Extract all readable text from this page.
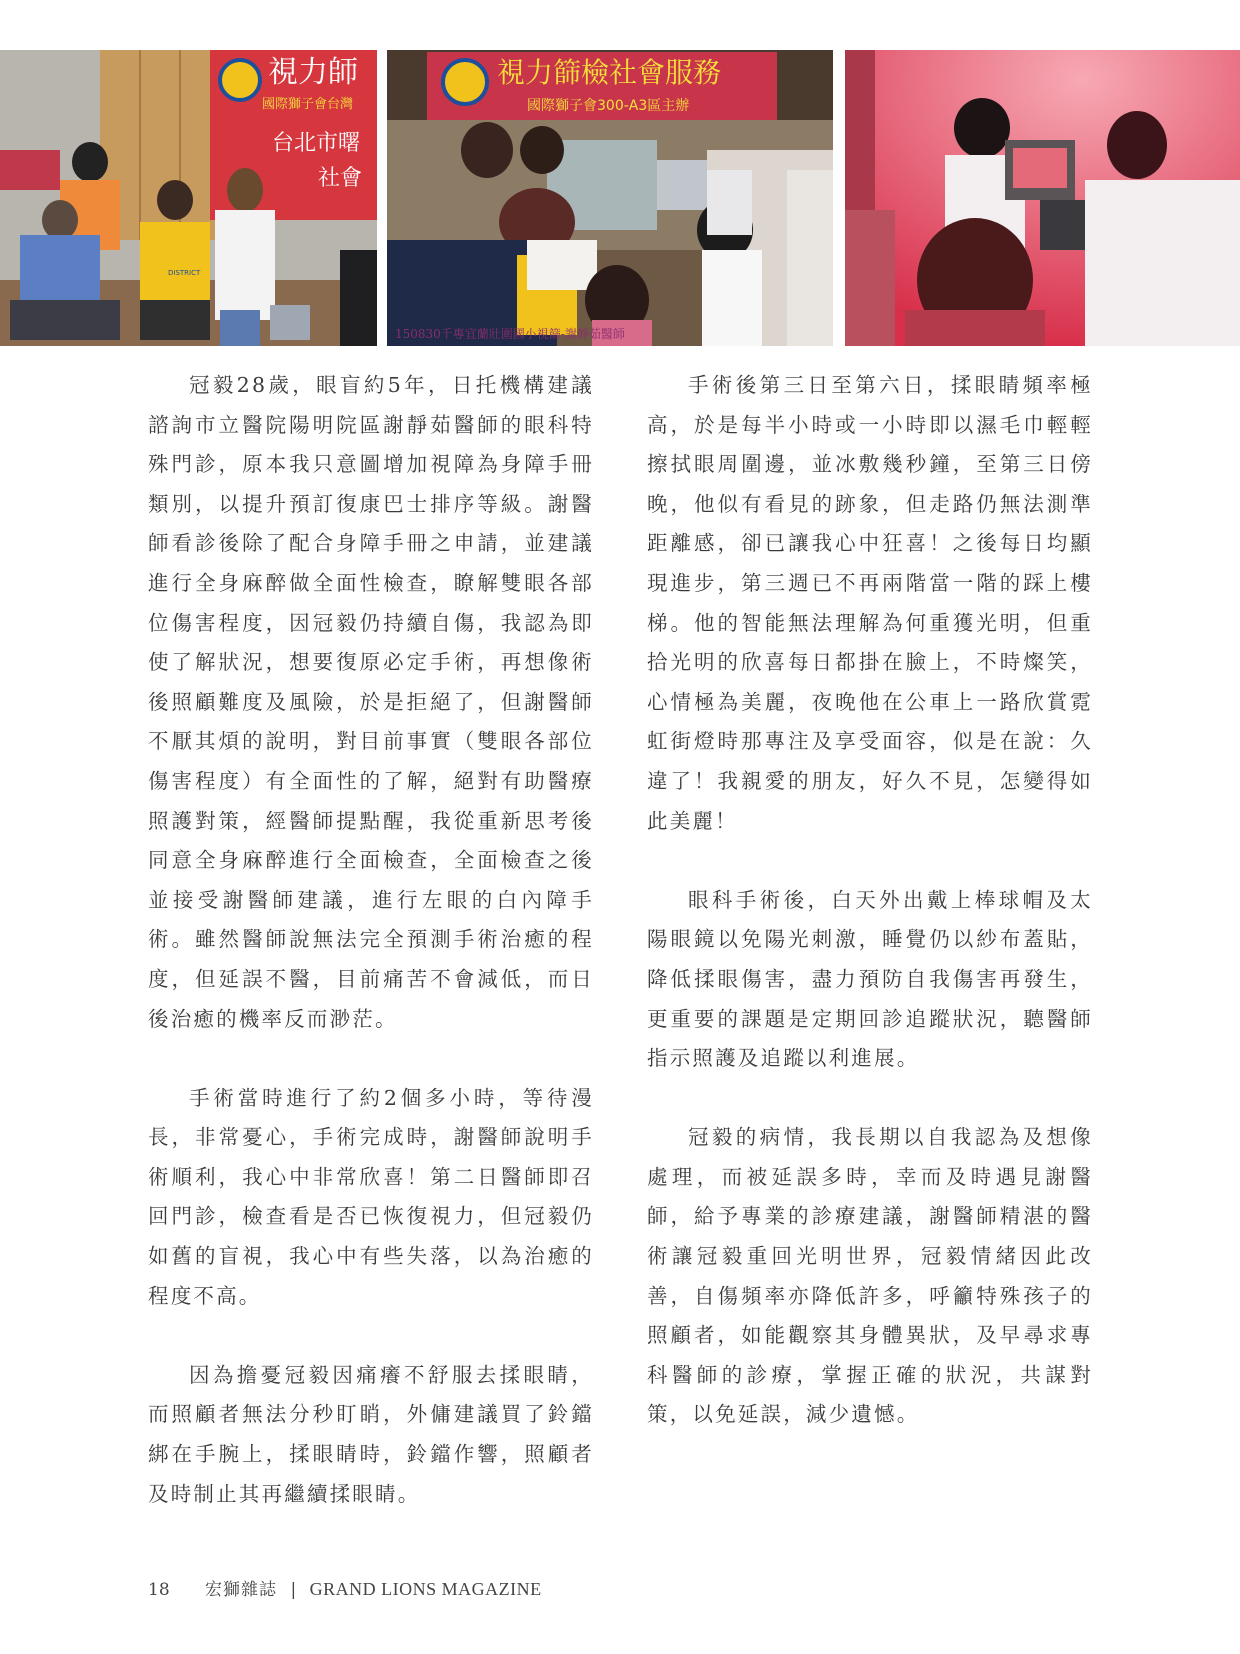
視力師
國際獅子會台灣
台北市曙
社會
DISTRICT
視力篩檢社會服務
國際獅子會300-A3區主辦
150830千專宜蘭壯圍國小視篩-謝靜茹醫師

冠毅28歲，眼盲約5年，日托機構建議諮詢市立醫院陽明院區謝靜茹醫師的眼科特殊門診，原本我只意圖增加視障為身障手冊類別，以提升預訂復康巴士排序等級。謝醫師看診後除了配合身障手冊之申請，並建議進行全身麻醉做全面性檢查，瞭解雙眼各部位傷害程度，因冠毅仍持續自傷，我認為即使了解狀況，想要復原必定手術，再想像術後照顧難度及風險，於是拒絕了，但謝醫師不厭其煩的說明，對目前事實（雙眼各部位傷害程度）有全面性的了解，絕對有助醫療照護對策，經醫師提點醒，我從重新思考後同意全身麻醉進行全面檢查，全面檢查之後並接受謝醫師建議，進行左眼的白內障手術。雖然醫師說無法完全預測手術治癒的程度，但延誤不醫，目前痛苦不會減低，而日後治癒的機率反而渺茫。

手術當時進行了約2個多小時，等待漫長，非常憂心，手術完成時，謝醫師說明手術順利，我心中非常欣喜！第二日醫師即召回門診，檢查看是否已恢復視力，但冠毅仍如舊的盲視，我心中有些失落，以為治癒的程度不高。

因為擔憂冠毅因痛癢不舒服去揉眼睛，而照顧者無法分秒盯睄，外傭建議買了鈴鐺綁在手腕上，揉眼睛時，鈴鐺作響，照顧者及時制止其再繼續揉眼睛。

手術後第三日至第六日，揉眼睛頻率極高，於是每半小時或一小時即以濕毛巾輕輕擦拭眼周圍邊，並冰敷幾秒鐘，至第三日傍晚，他似有看見的跡象，但走路仍無法測準距離感，卻已讓我心中狂喜！之後每日均顯現進步，第三週已不再兩階當一階的踩上樓梯。他的智能無法理解為何重獲光明，但重拾光明的欣喜每日都掛在臉上，不時燦笑，心情極為美麗，夜晚他在公車上一路欣賞霓虹街燈時那專注及享受面容，似是在說：久違了！我親愛的朋友，好久不見，怎變得如此美麗！

眼科手術後，白天外出戴上棒球帽及太陽眼鏡以免陽光刺激，睡覺仍以紗布蓋貼，降低揉眼傷害，盡力預防自我傷害再發生，更重要的課題是定期回診追蹤狀況，聽醫師指示照護及追蹤以利進展。

冠毅的病情，我長期以自我認為及想像處理，而被延誤多時，幸而及時遇見謝醫師，給予專業的診療建議，謝醫師精湛的醫術讓冠毅重回光明世界，冠毅情緒因此改善，自傷頻率亦降低許多，呼籲特殊孩子的照顧者，如能觀察其身體異狀，及早尋求專科醫師的診療，掌握正確的狀況，共謀對策，以免延誤，減少遺憾。

18 宏獅雜誌 | GRAND LIONS MAGAZINE
